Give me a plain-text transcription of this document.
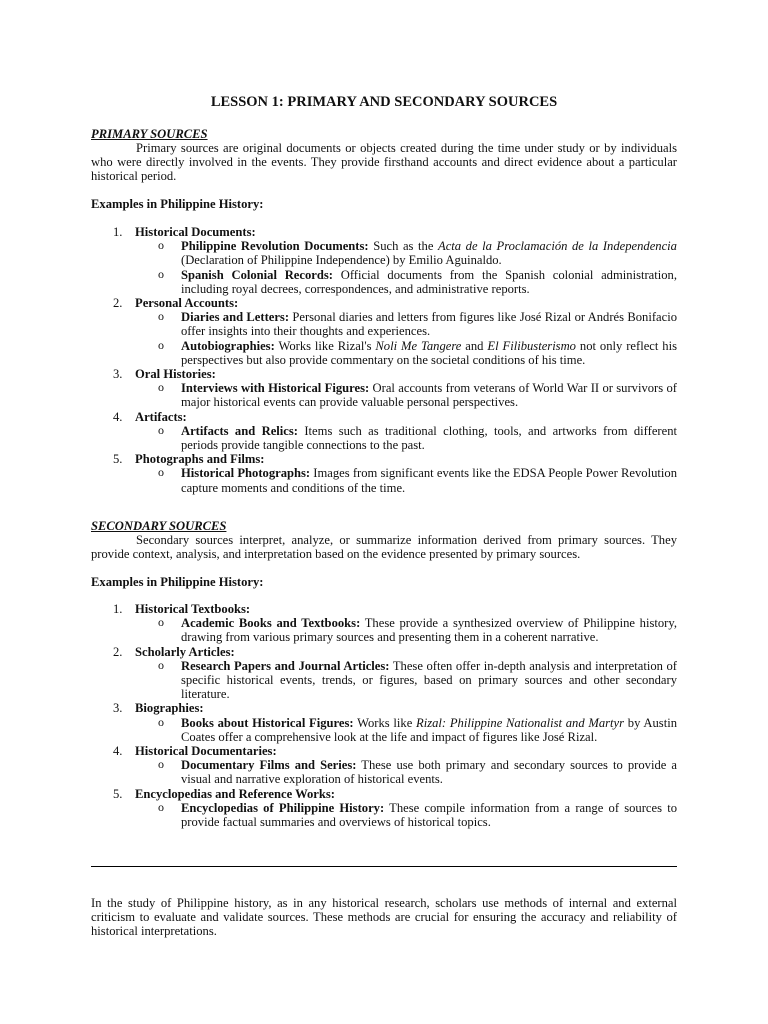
LESSON 1: PRIMARY AND SECONDARY SOURCES
PRIMARY SOURCES
Primary sources are original documents or objects created during the time under study or by individuals who were directly involved in the events. They provide firsthand accounts and direct evidence about a particular historical period.
Examples in Philippine History:
1. Historical Documents:
o Philippine Revolution Documents: Such as the Acta de la Proclamación de la Independencia (Declaration of Philippine Independence) by Emilio Aguinaldo.
o Spanish Colonial Records: Official documents from the Spanish colonial administration, including royal decrees, correspondences, and administrative reports.
2. Personal Accounts:
o Diaries and Letters: Personal diaries and letters from figures like José Rizal or Andrés Bonifacio offer insights into their thoughts and experiences.
o Autobiographies: Works like Rizal's Noli Me Tangere and El Filibusterismo not only reflect his perspectives but also provide commentary on the societal conditions of his time.
3. Oral Histories:
o Interviews with Historical Figures: Oral accounts from veterans of World War II or survivors of major historical events can provide valuable personal perspectives.
4. Artifacts:
o Artifacts and Relics: Items such as traditional clothing, tools, and artworks from different periods provide tangible connections to the past.
5. Photographs and Films:
o Historical Photographs: Images from significant events like the EDSA People Power Revolution capture moments and conditions of the time.
SECONDARY SOURCES
Secondary sources interpret, analyze, or summarize information derived from primary sources. They provide context, analysis, and interpretation based on the evidence presented by primary sources.
Examples in Philippine History:
1. Historical Textbooks:
o Academic Books and Textbooks: These provide a synthesized overview of Philippine history, drawing from various primary sources and presenting them in a coherent narrative.
2. Scholarly Articles:
o Research Papers and Journal Articles: These often offer in-depth analysis and interpretation of specific historical events, trends, or figures, based on primary sources and other secondary literature.
3. Biographies:
o Books about Historical Figures: Works like Rizal: Philippine Nationalist and Martyr by Austin Coates offer a comprehensive look at the life and impact of figures like José Rizal.
4. Historical Documentaries:
o Documentary Films and Series: These use both primary and secondary sources to provide a visual and narrative exploration of historical events.
5. Encyclopedias and Reference Works:
o Encyclopedias of Philippine History: These compile information from a range of sources to provide factual summaries and overviews of historical topics.
In the study of Philippine history, as in any historical research, scholars use methods of internal and external criticism to evaluate and validate sources. These methods are crucial for ensuring the accuracy and reliability of historical interpretations.
